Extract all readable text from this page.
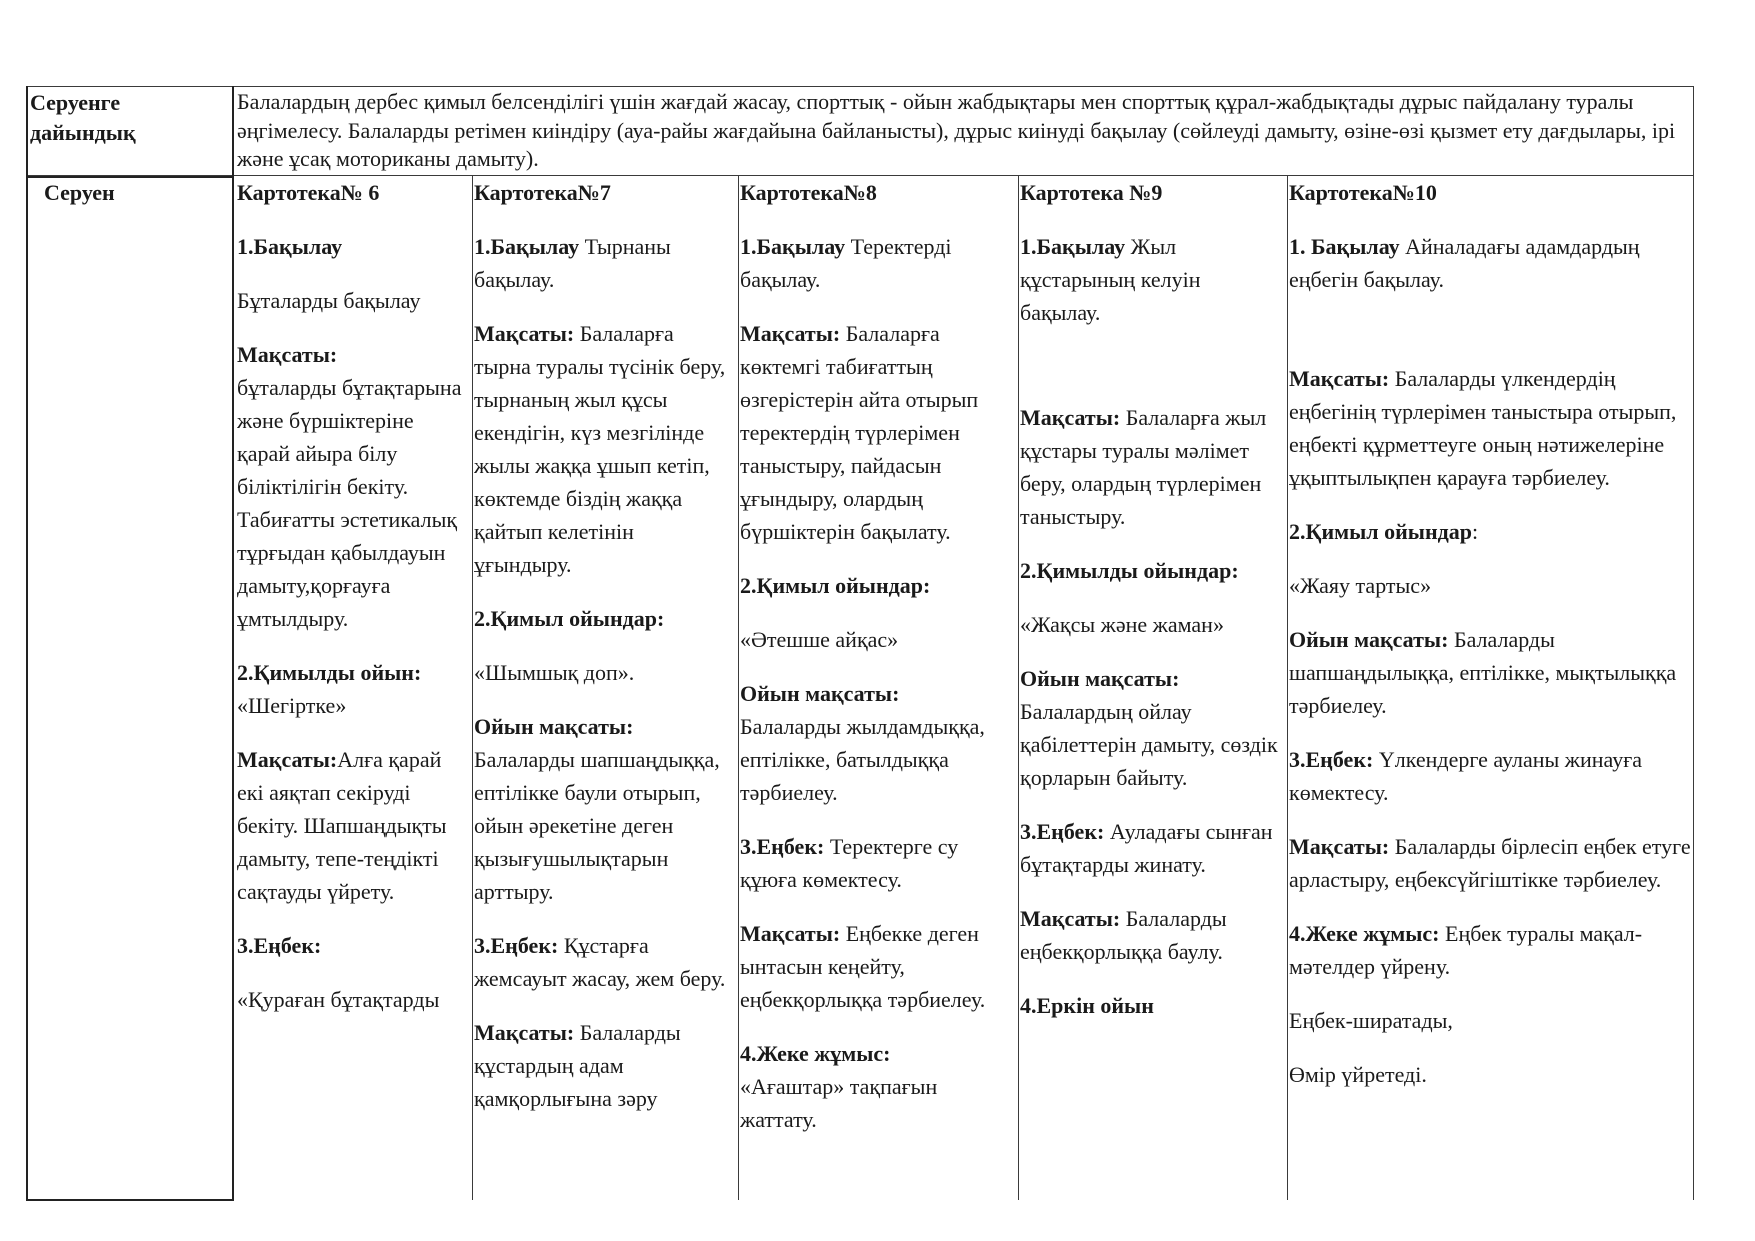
Серуенге дайындық
Балалардың дербес қимыл белсенділігі үшін жағдай жасау, спорттық - ойын жабдықтары мен спорттық құрал-жабдықтады дұрыс пайдалану туралы әңгімелесу. Балаларды ретімен киіндіру (ауа-райы жағдайына байланысты), дұрыс киінуді бақылау (сөйлеуді дамыту, өзіне-өзі қызмет ету дағдылары, ірі және ұсақ моториканы дамыту).
Серуен	Картотека№ 6

1.Бақылау

Бұталарды бақылау

Мақсаты:
бұталарды бұтақтарына және бүршіктеріне қарай айыра білу біліктілігін бекіту. Табиғатты эстетикалық тұрғыдан қабылдауын дамыту,қорғауға ұмтылдыру.

2.Қимылды ойын:
«Шегіртке»

Мақсаты:Алға қарай екі аяқтап секіруді бекіту. Шапшаңдықты дамыту, тепе-теңдікті сақтауды үйрету.

3.Еңбек:

«Қураған бұтақтарды

Картотека№7

1.Бақылау Тырнаны бақылау.

Мақсаты: Балаларға тырна туралы түсінік беру, тырнаның жыл құсы екендігін, күз мезгілінде жылы жаққа ұшып кетіп, көктемде біздің жаққа қайтып келетінін ұғындыру.

2.Қимыл ойындар:

«Шымшық доп».

Ойын мақсаты:
Балаларды шапшаңдыққа, ептілікке баули отырып, ойын әрекетіне деген қызығушылықтарын арттыру.

3.Еңбек: Құстарға жемсауыт жасау, жем беру.

Мақсаты: Балаларды құстардың адам қамқорлығына зәру

Картотека№8

1.Бақылау Теректерді бақылау.

Мақсаты: Балаларға көктемгі табиғаттың өзгерістерін айта отырып теректердің түрлерімен таныстыру, пайдасын ұғындыру, олардың бүршіктерін бақылату.

2.Қимыл ойындар:

«Әтешше айқас»

Ойын мақсаты:
Балаларды жылдамдыққа, ептілікке, батылдыққа тәрбиелеу.

3.Еңбек: Теректерге су құюға көмектесу.

Мақсаты: Еңбекке деген ынтасын кеңейту, еңбекқорлыққа тәрбиелеу.

4.Жеке жұмыс:
«Ағаштар» тақпағын жаттату.

Картотека №9

1.Бақылау Жыл құстарының келуін бақылау.

Мақсаты: Балаларға жыл құстары туралы мәлімет беру, олардың түрлерімен таныстыру.

2.Қимылды ойындар:

«Жақсы және жаман»

Ойын мақсаты:
Балалардың ойлау қабілеттерін дамыту, сөздік қорларын байыту.

3.Еңбек: Ауладағы сынған бұтақтарды жинату.

Мақсаты: Балаларды еңбекқорлыққа баулу.

4.Еркін ойын

Картотека№10

1. Бақылау Айналадағы адамдардың еңбегін бақылау.

Мақсаты: Балаларды үлкендердің еңбегінің түрлерімен таныстыра отырып, еңбекті құрметтеуге оның нәтижелеріне ұқыптылықпен қарауға тәрбиелеу.

2.Қимыл ойындар:

«Жаяу тартыс»

Ойын мақсаты: Балаларды шапшаңдылыққа, ептілікке, мықтылыққа тәрбиелеу.

3.Еңбек: Үлкендерге ауланы жинауға көмектесу.

Мақсаты: Балаларды бірлесіп еңбек етуге арластыру, еңбексүйгіштікке тәрбиелеу.

4.Жеке жұмыс: Еңбек туралы мақал-мәтелдер үйрену.

Еңбек-ширатады,

Өмір үйретеді.
